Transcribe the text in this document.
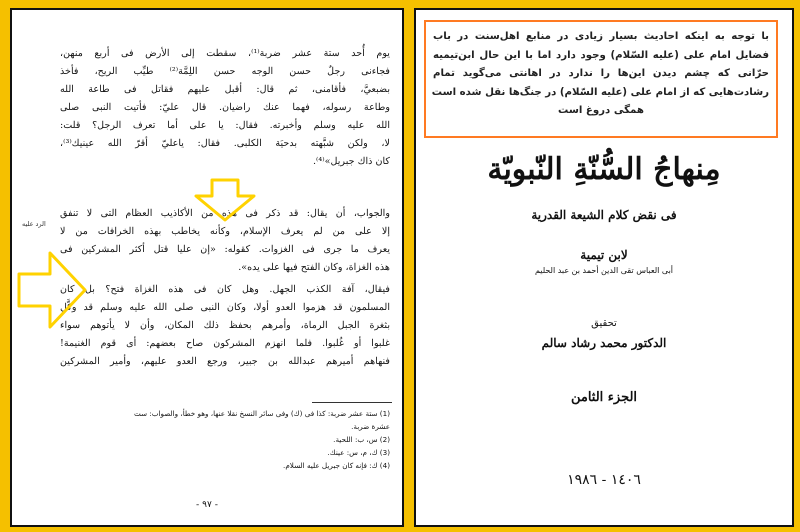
يوم أُحد ستة عشر ضربة⁽¹⁾، سقطت إلى الأرض فى أربع منهن،
فجاءنى رجلٌ حسن الوجه حسن اللِمَّة⁽²⁾ طيِّب الريح، فأخذ
بضبعيَّ، فأقامنى، ثم قال: أقبل عليهم فقاتل فى طاعة الله
وطاعة رسوله، فهما عنك راضيان. قال عليّ: فأتيت النبى صلى
الله عليه وسلم وأخبرته. فقال: يا على أما تعرف الرجل؟ قلت:
لا، ولكن شبَّهته بدحيَة الكلبى. فقال: ياعليّ أقرّ الله عينيك⁽³⁾،
كان ذاك جبريل»⁽⁴⁾.
والجواب، أن يقال: قد ذكر فى هذه من الأكاذيب العظام التى لا تنفق
إلا على من لم يعرف الإسلام، وكأنه يخاطب بهذه الخرافات من لا
يعرف ما جرى فى الغزوات. كقوله: «إن عليا قتل أكثر المشركين فى
هذه الغزاة، وكان الفتح فيها على يده».
فيقال، آفة الكذب الجهل. وهل كان فى هذه الغزاة فتح؟ بل كان
المسلمون قد هزموا العدو أولا، وكان النبى صلى الله عليه وسلم قد وكَّل
بثغرة الجبل الرماة، وأمرهم بحفظ ذلك المكان، وأن لا يأتوهم سواء
غلبوا أو غُلبوا. فلما انهزم المشركون صاح بعضهم: أى قوم الغنيمة!
فنهاهم أميرهم عبدالله بن جبير، ورجع العدو عليهم، وأمير المشركين
الرد عليه
(1) ستة عشر ضربة: كذا فى (ك) وفى سائر النسخ نقلا عنها، وهو خطأ، والصواب: ست
عشرة ضربة.
(2) س، ب: اللحية.
(3) ك، م، س: عينك.
(4) ك: فإنه كان جبريل عليه السلام.
- ٩٧ -
با توجه به اینکه احادیث بسیار زیادی در منابع اهل‌سنت در باب
فضایل امام علی (علیه السّلام) وجود دارد اما با این حال ابن‌تیمیه
حرّانی که چشم دیدن این‌ها را ندارد در اهانتی می‌گوید تمام
رشادت‌هایی که از امام علی (علیه السّلام) در جنگ‌ها نقل شده است
همگی دروغ است
مِنهاجُ السُّنّةِ النّبويّة
فى نقض كلام الشيعة القدرية
لابن تيمية
أبى العباس تقى الدين أحمد بن عبد الحليم
تحقيق
الدكتور محمد رشاد سالم
الجزء الثامن
١٤٠٦ - ١٩٨٦
